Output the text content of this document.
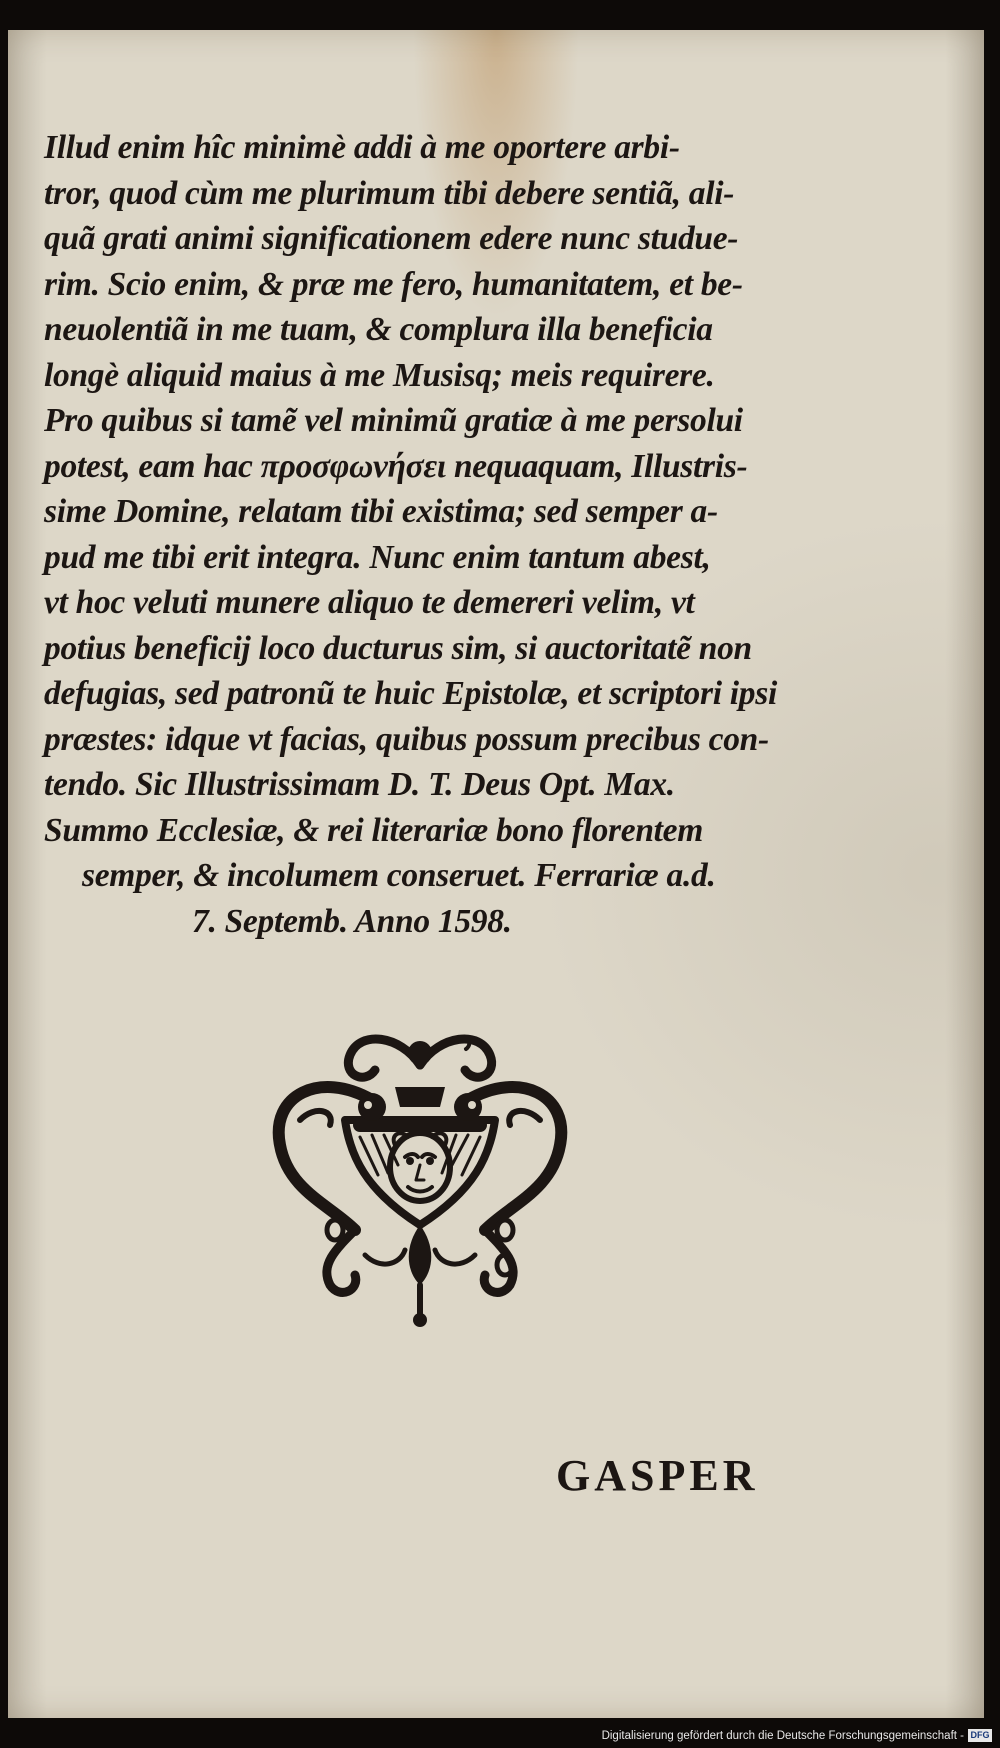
Illud enim hîc minimè addi à me oportere arbi-
tror, quod cùm me plurimum tibi debere sentiã, ali-
quã grati animi significationem edere nunc studue-
rim. Scio enim, & præ me fero, humanitatem, et be-
neuolentiã in me tuam, & complura illa beneficia
longè aliquid maius à me Musisq; meis requirere.
Pro quibus si tamẽ vel minimũ gratiæ à me persolui
potest, eam hac προσφωνήσει nequaquam, Illustris-
sime Domine, relatam tibi existima; sed semper a-
pud me tibi erit integra. Nunc enim tantum abest,
vt hoc veluti munere aliquo te demereri velim, vt
potius beneficij loco ducturus sim, si auctoritatẽ non
defugias, sed patronũ te huic Epistolæ, et scriptori ipsi
præstes: idque vt facias, quibus possum precibus con-
tendo. Sic Illustrissimam D. T. Deus Opt. Max.
Summo Ecclesiæ, & rei literariæ bono florentem
semper, & incolumem conseruet. Ferrariæ a.d.
7. Septemb. Anno 1598.
GASPER
Digitalisierung gefördert durch die Deutsche Forschungsgemeinschaft - DFG
